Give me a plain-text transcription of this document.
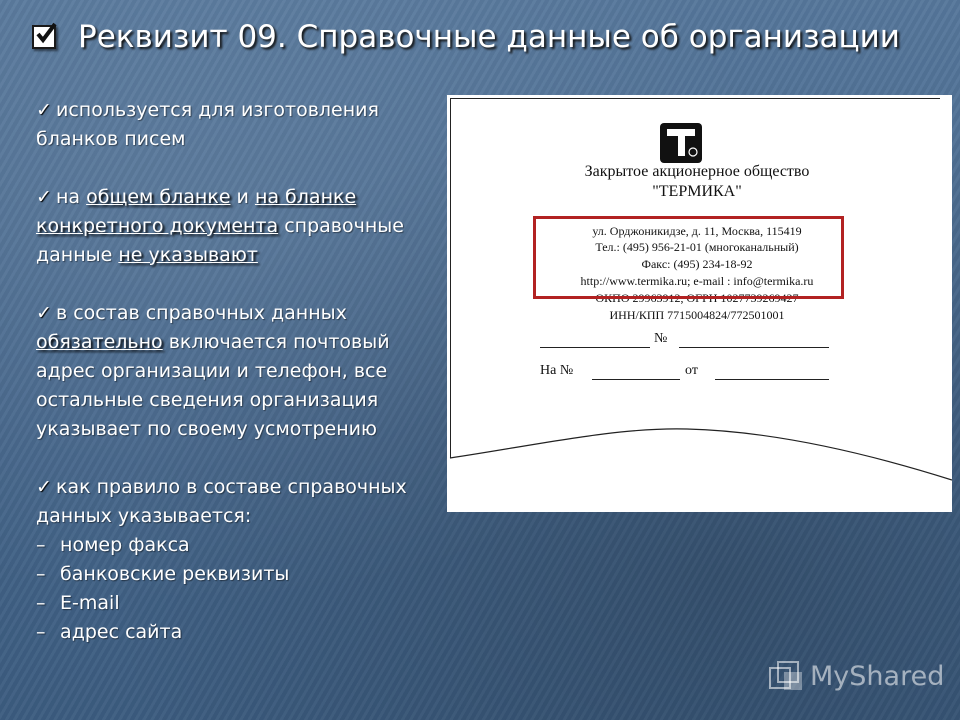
Реквизит 09. Справочные данные об организации
✓ используется для изготовления бланков писем
✓ на общем бланке и на бланке конкретного документа справочные данные не указывают
✓ в состав справочных данных обязательно включается почтовый адрес организации и телефон, все остальные сведения организация указывает по своему усмотрению
✓ как правило в составе справочных данных указывается:
– номер факса
– банковские реквизиты
– E-mail
– адрес сайта
Закрытое акционерное общество
"ТЕРМИКА"
ул. Орджоникидзе, д. 11, Москва, 115419
Тел.: (495) 956-21-01 (многоканальный)
Факс: (495) 234-18-92
http://www.termika.ru; e-mail : info@termika.ru
ОКПО 29963912, ОГРН 1027739269427
ИНН/КПП 7715004824/772501001
№
На №	от
MyShared
